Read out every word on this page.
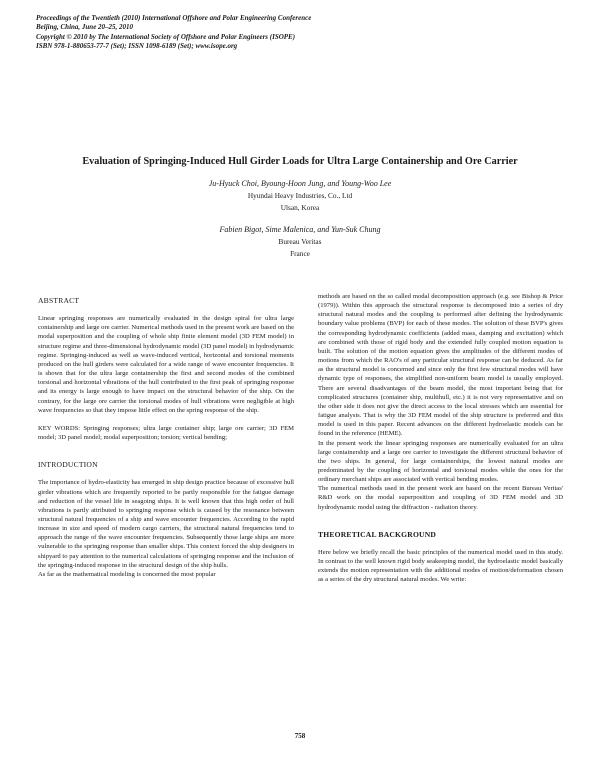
Proceedings of the Twentieth (2010) International Offshore and Polar Engineering Conference
Beijing, China, June 20–25, 2010
Copyright © 2010 by The International Society of Offshore and Polar Engineers (ISOPE)
ISBN 978-1-880653-77-7 (Set); ISSN 1098-6189 (Set); www.isope.org
Evaluation of Springing-Induced Hull Girder Loads for Ultra Large Containership and Ore Carrier
Ju-Hyuck Choi, Byoung-Hoon Jung, and Young-Woo Lee
Hyundai Heavy Industries, Co., Ltd
Ulsan, Korea
Fabien Bigot, Sime Malenica, and Yun-Suk Chung
Bureau Veritas
France

ABSTRACT

Linear springing responses are numerically evaluated in the design spiral for ultra large containership and large ore carrier. Numerical methods used in the present work are based on the modal superposition and the coupling of whole ship finite element model (3D FEM model) in structure regime and three-dimensional hydrodynamic model (3D panel model) in hydrodynamic regime. Springing-induced as well as wave-induced vertical, horizontal and torsional moments produced on the hull girders were calculated for a wide range of wave encounter frequencies. It is shown that for the ultra large containership the first and second modes of the combined torsional and horizontal vibrations of the hull contributed to the first peak of springing response and its energy is large enough to have impact on the structural behavior of the ship. On the contrary, for the large ore carrier the torsional modes of hull vibrations were negligible at high wave frequencies so that they impose little effect on the spring response of the ship.

KEY WORDS: Springing responses; ultra large container ship; large ore carrier; 3D FEM model; 3D panel model; modal superposition; torsion; vertical bending;

INTRODUCTION

The importance of hydro-elasticity has emerged in ship design practice because of excessive hull girder vibrations which are frequently reported to be partly responsible for the fatigue damage and reduction of the vessel life in seagoing ships. It is well known that this high order of hull vibrations is partly attributed to springing response which is caused by the resonance between structural natural frequencies of a ship and wave encounter frequencies. According to the rapid increase in size and speed of modern cargo carriers, the structural natural frequencies tend to approach the range of the wave encounter frequencies. Subsequently those large ships are more vulnerable to the springing response than smaller ships. This context forced the ship designers in shipyard to pay attention to the numerical calculations of springing response and the inclusion of the springing-induced response in the structural design of the ship hulls.

As far as the mathematical modeling is concerned the most popular

methods are based on the so called modal decomposition approach (e.g. see Bishop & Price (1979)). Within this approach the structural response is decomposed into a series of dry structural natural modes and the coupling is performed after defining the hydrodynamic boundary value problems (BVP) for each of these modes. The solution of these BVP's gives the corresponding hydrodynamic coefficients (added mass, damping and excitation) which are combined with those of rigid body and the extended fully coupled motion equation is built. The solution of the motion equation gives the amplitudes of the different modes of motions from which the RAO's of any particular structural response can be deduced. As far as the structural model is concerned and since only the first few structural modes will have dynamic type of responses, the simplified non-uniform beam model is usually employed. There are several disadvantages of the beam model, the most important being that for complicated structures (container ship, multihull, etc.) it is not very representative and on the other side it does not give the direct access to the local stresses which are essential for fatigue analysis. That is why the 3D FEM model of the ship structure is preferred and this model is used in this paper. Recent advances on the different hydroelastic models can be found in the reference (HEME).

In the present work the linear springing responses are numerically evaluated for an ultra large containership and a large ore carrier to investigate the different structural behavior of the two ships. In general, for large containerships, the lowest natural modes are predominated by the coupling of horizontal and torsional modes while the ones for the ordinary merchant ships are associated with vertical bending modes.

The numerical methods used in the present work are based on the recent Bureau Veritas' R&D work on the modal superposition and coupling of 3D FEM model and 3D hydrodynamic model using the diffraction - radiation theory.

THEORETICAL BACKGROUND

Here below we briefly recall the basic principles of the numerical model used in this study. In contrast to the well known rigid body seakeeping model, the hydroelastic model basically extends the motion representation with the additional modes of motion/deformation chosen as a series of the dry structural natural modes. We write:

758
